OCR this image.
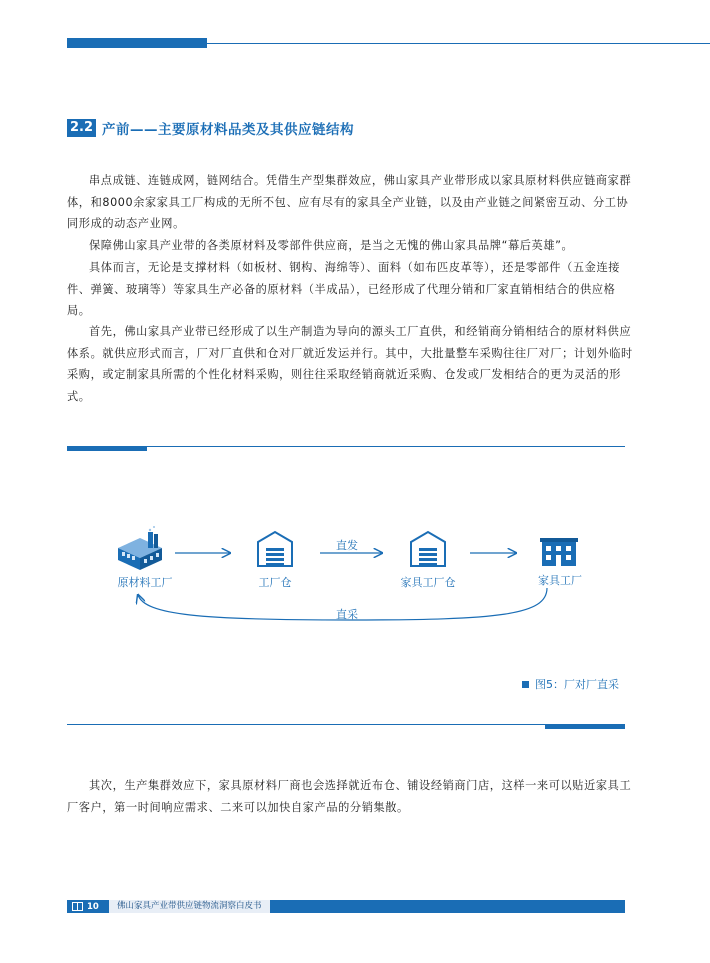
2.2 产前——主要原材料品类及其供应链结构

串点成链、连链成网，链网结合。凭借生产型集群效应，佛山家具产业带形成以家具原材料供应链商家群体，和8000余家家具工厂构成的无所不包、应有尽有的家具全产业链，以及由产业链之间紧密互动、分工协同形成的动态产业网。

保障佛山家具产业带的各类原材料及零部件供应商，是当之无愧的佛山家具品牌“幕后英雄”。

具体而言，无论是支撑材料（如板材、钢构、海绵等）、面料（如布匹皮革等），还是零部件（五金连接件、弹簧、玻璃等）等家具生产必备的原材料（半成品），已经形成了代理分销和厂家直销相结合的供应格局。

首先，佛山家具产业带已经形成了以生产制造为导向的源头工厂直供，和经销商分销相结合的原材料供应体系。就供应形式而言，厂对厂直供和仓对厂就近发运并行。其中，大批量整车采购往往厂对厂；计划外临时采购，或定制家具所需的个性化材料采购，则往往采取经销商就近采购、仓发或厂发相结合的更为灵活的形式。

原材料工厂	工厂仓	家具工厂仓	家具工厂
直发
直采
图5：厂对厂直采

其次，生产集群效应下，家具原材料厂商也会选择就近布仓、铺设经销商门店，这样一来可以贴近家具工厂客户，第一时间响应需求、二来可以加快自家产品的分销集散。

10	佛山家具产业带供应链物流洞察白皮书
